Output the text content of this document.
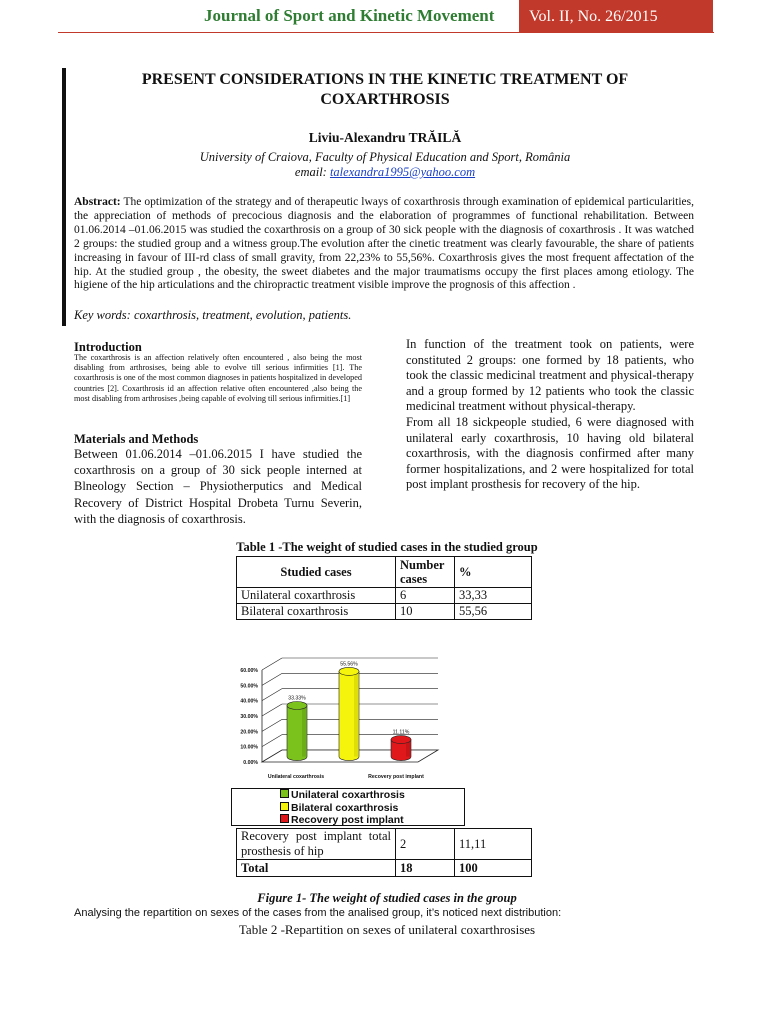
Journal of Sport and Kinetic Movement	Vol. II, No. 26/2015
PRESENT CONSIDERATIONS IN THE KINETIC TREATMENT OF
COXARTHROSIS
Liviu-Alexandru TRĂILĂ
University of Craiova, Faculty of Physical Education and Sport, România
email: talexandra1995@yahoo.com
Abstract: The optimization of the strategy and of therapeutic lways of coxarthrosis through examination of epidemical particularities, the appreciation of methods of precocious diagnosis and the elaboration of programmes of functional rehabilitation. Between 01.06.2014 –01.06.2015 was studied the coxarthrosis on a group of 30 sick people with the diagnosis of coxarthrosis . It was watched 2 groups: the studied group and a witness group.The evolution after the cinetic treatment was clearly favourable, the share of patients increasing in favour of III-rd class of small gravity, from 22,23% to 55,56%. Coxarthrosis gives the most frequent affectation of the hip. At the studied group , the obesity, the sweet diabetes and the major traumatisms occupy the first places among etiology. The higiene of the hip articulations and the chiropractic treatment visible improve the prognosis of this affection .
Key words: coxarthrosis, treatment, evolution, patients.
Introduction
The coxarthrosis is an affection relatively often encountered , also being the most disabling from arthrosises, being able to evolve till serious infirmities [1]. The coxarthrosis is one of the most common diagnoses in patients hospitalized in developed countries [2]. Coxarthrosis id an affection relative often encountered ,also being the most disabling from arthrosises ,being capable of evolving till serious infirmities.[1]
Materials and Methods
Between 01.06.2014 –01.06.2015 I have studied the coxarthrosis on a group of 30 sick people interned at Blneology Section – Physiotherputics and Medical Recovery of District Hospital Drobeta Turnu Severin, with the diagnosis of coxarthrosis.
In function of the treatment took on patients, were constituted 2 groups: one formed by 18 patients, who took the classic medicinal treatment and physical-therapy and a group formed by 12 patients who took the classic medicinal treatment without physical-therapy.
From all 18 sickpeople studied, 6 were diagnosed with unilateral early coxarthrosis, 10 having old bilateral coxarthrosis, with the diagnosis confirmed after many former hospitalizations, and 2 were hospitalized for total post implant prosthesis for recovery of the hip.
Table 1 -The weight of studied cases in the studied group
Studied cases	Number cases	%
Unilateral coxarthrosis	6	33,33
Bilateral coxarthrosis	10	55,56
0.00%
10.00%
20.00%
30.00%
40.00%
50.00%
60.00%
33.33%
55.56%
11.11%
Unilateral coxarthrosis	Recovery post implant
Unilateral coxarthrosis
Bilateral coxarthrosis
Recovery post implant
Recovery post implant total prosthesis of hip	2	11,11
Total	18	100
Figure 1- The weight of studied cases in the group
Analysing the repartition on sexes of the cases from the analised group, it’s noticed next distribution:
Table 2 -Repartition on sexes of unilateral coxarthrosises
